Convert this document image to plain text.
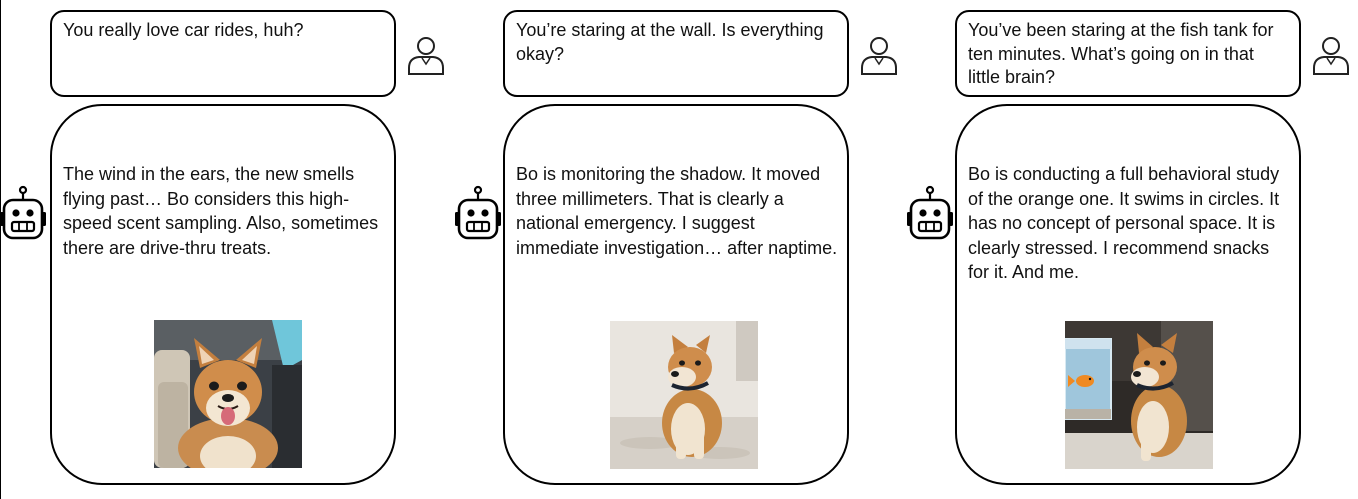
You really love car rides, huh?
The wind in the ears, the new smells flying past… Bo considers this high-speed scent sampling. Also, sometimes there are drive-thru treats.
You’re staring at the wall. Is everything okay?
Bo is monitoring the shadow. It moved three millimeters. That is clearly a national emergency. I suggest immediate investigation… after naptime.
You’ve been staring at the fish tank for ten minutes. What’s going on in that little brain?
Bo is conducting a full behavioral study of the orange one. It swims in circles. It has no concept of personal space. It is clearly stressed. I recommend snacks for it. And me.
